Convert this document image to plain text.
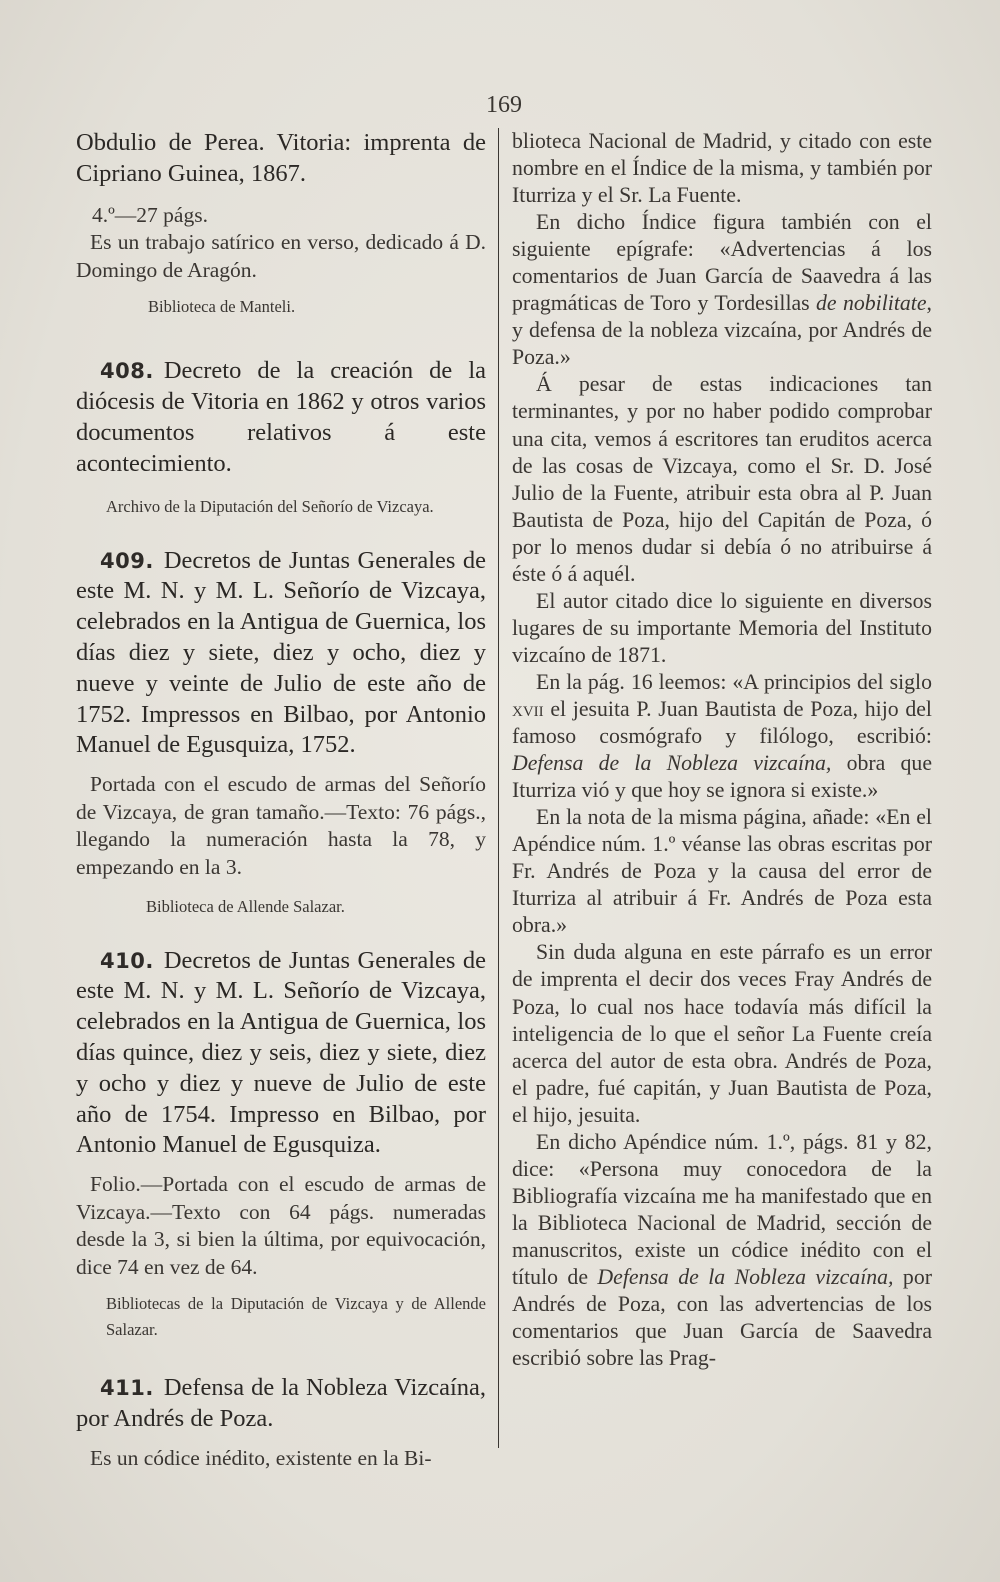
169

Obdulio de Perea. Vitoria: imprenta de Cipriano Guinea, 1867.

4.º—27 págs.

Es un trabajo satírico en verso, dedicado á D. Domingo de Aragón.

Biblioteca de Manteli.

408. Decreto de la creación de la diócesis de Vitoria en 1862 y otros varios documentos relativos á este acontecimiento.

Archivo de la Diputación del Señorío de Vizcaya.

409. Decretos de Juntas Generales de este M. N. y M. L. Señorío de Vizcaya, celebrados en la Antigua de Guernica, los días diez y siete, diez y ocho, diez y nueve y veinte de Julio de este año de 1752. Impressos en Bilbao, por Antonio Manuel de Egusquiza, 1752.

Portada con el escudo de armas del Señorío de Vizcaya, de gran tamaño.—Texto: 76 págs., llegando la numeración hasta la 78, y empezando en la 3.

Biblioteca de Allende Salazar.

410. Decretos de Juntas Generales de este M. N. y M. L. Señorío de Vizcaya, celebrados en la Antigua de Guernica, los días quince, diez y seis, diez y siete, diez y ocho y diez y nueve de Julio de este año de 1754. Impresso en Bilbao, por Antonio Manuel de Egusquiza.

Folio.—Portada con el escudo de armas de Vizcaya.—Texto con 64 págs. numeradas desde la 3, si bien la última, por equivocación, dice 74 en vez de 64.

Bibliotecas de la Diputación de Vizcaya y de Allende Salazar.

411. Defensa de la Nobleza Vizcaína, por Andrés de Poza.

Es un códice inédito, existente en la Bi-

blioteca Nacional de Madrid, y citado con este nombre en el Índice de la misma, y también por Iturriza y el Sr. La Fuente.

En dicho Índice figura también con el siguiente epígrafe: «Advertencias á los comentarios de Juan García de Saavedra á las pragmáticas de Toro y Tordesillas de nobilitate, y defensa de la nobleza vizcaína, por Andrés de Poza.»

Á pesar de estas indicaciones tan terminantes, y por no haber podido comprobar una cita, vemos á escritores tan eruditos acerca de las cosas de Vizcaya, como el Sr. D. José Julio de la Fuente, atribuir esta obra al P. Juan Bautista de Poza, hijo del Capitán de Poza, ó por lo menos dudar si debía ó no atribuirse á éste ó á aquél.

El autor citado dice lo siguiente en diversos lugares de su importante Memoria del Instituto vizcaíno de 1871.

En la pág. 16 leemos: «A principios del siglo xvii el jesuita P. Juan Bautista de Poza, hijo del famoso cosmógrafo y filólogo, escribió: Defensa de la Nobleza vizcaína, obra que Iturriza vió y que hoy se ignora si existe.»

En la nota de la misma página, añade: «En el Apéndice núm. 1.º véanse las obras escritas por Fr. Andrés de Poza y la causa del error de Iturriza al atribuir á Fr. Andrés de Poza esta obra.»

Sin duda alguna en este párrafo es un error de imprenta el decir dos veces Fray Andrés de Poza, lo cual nos hace todavía más difícil la inteligencia de lo que el señor La Fuente creía acerca del autor de esta obra. Andrés de Poza, el padre, fué capitán, y Juan Bautista de Poza, el hijo, jesuita.

En dicho Apéndice núm. 1.º, págs. 81 y 82, dice: «Persona muy conocedora de la Bibliografía vizcaína me ha manifestado que en la Biblioteca Nacional de Madrid, sección de manuscritos, existe un códice inédito con el título de Defensa de la Nobleza vizcaína, por Andrés de Poza, con las advertencias de los comentarios que Juan García de Saavedra escribió sobre las Prag-
